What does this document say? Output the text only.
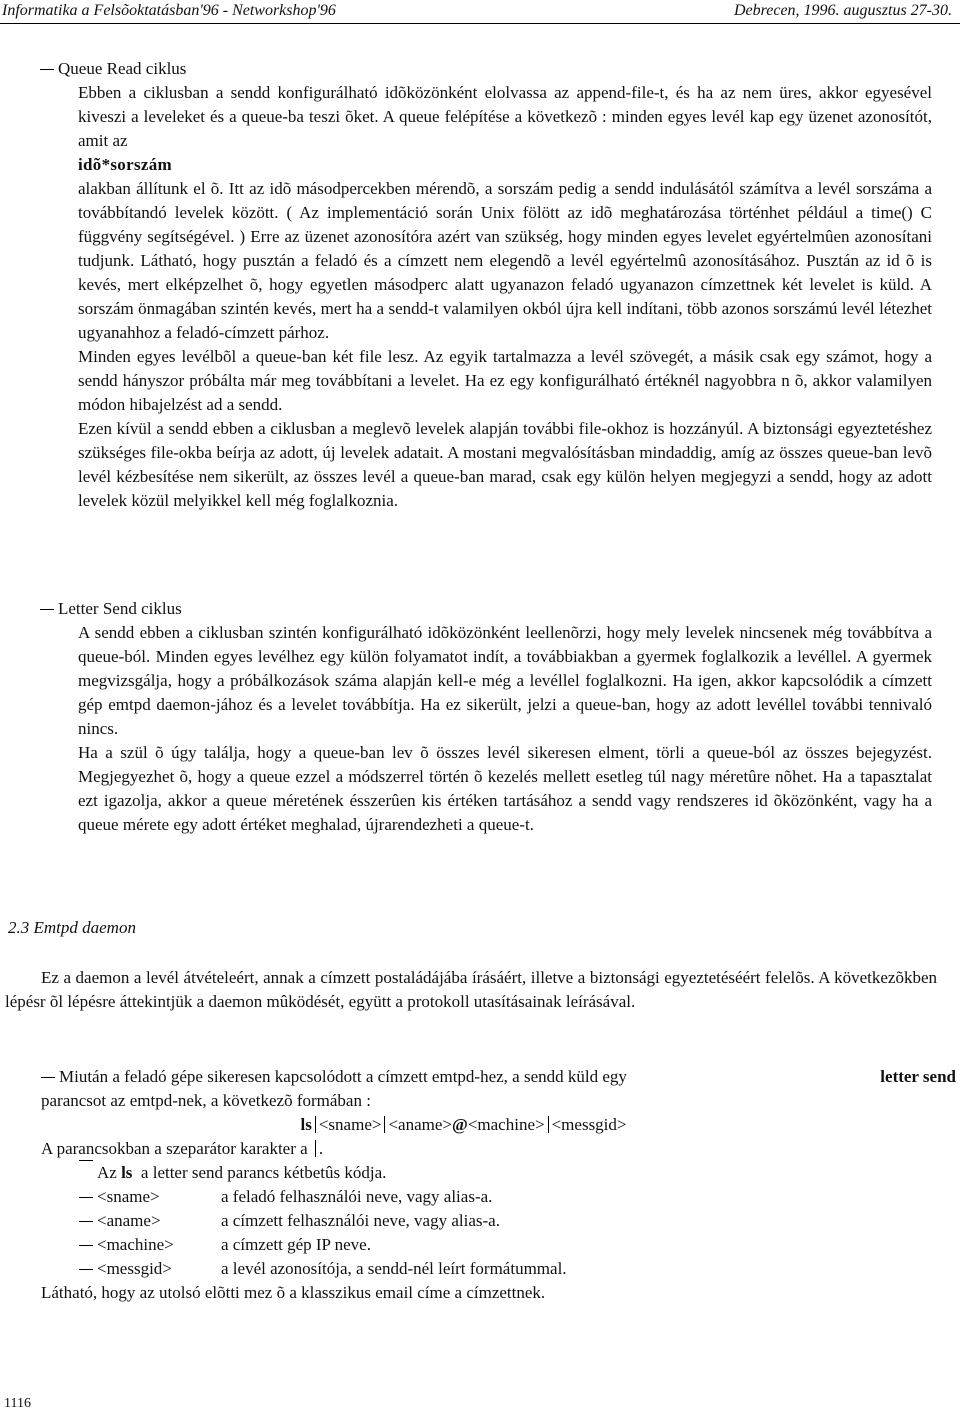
Informatika a Felsõoktatásban'96 - Networkshop'96	Debrecen, 1996. augusztus 27-30.
Queue Read ciklus

Ebben a ciklusban a sendd konfigurálható idõközönként elolvassa az append-file-t, és ha az nem üres, akkor egyesével kiveszi a leveleket és a queue-ba teszi õket. A queue felépítése a következõ : minden egyes levél kap egy üzenet azonosítót, amit az

idõ*sorszám

alakban állítunk el õ. Itt az idõ másodpercekben mérendõ, a sorszám pedig a sendd indulásától számítva a levél sorszáma a továbbítandó levelek között. ( Az implementáció során Unix fölött az idõ meghatározása történhet például a time() C függvény segítségével. ) Erre az üzenet azonosítóra azért van szükség, hogy minden egyes levelet egyértelmûen azonosítani tudjunk. Látható, hogy pusztán a feladó és a címzett nem elegendõ a levél egyértelmû azonosításához. Pusztán az id õ is kevés, mert elképzelhet õ, hogy egyetlen másodperc alatt ugyanazon feladó ugyanazon címzettnek két levelet is küld. A sorszám önmagában szintén kevés, mert ha a sendd-t valamilyen okból újra kell indítani, több azonos sorszámú levél létezhet ugyanahhoz a feladó-címzett párhoz.

Minden egyes levélbõl a queue-ban két file lesz. Az egyik tartalmazza a levél szövegét, a másik csak egy számot, hogy a sendd hányszor próbálta már meg továbbítani a levelet. Ha ez egy konfigurálható értéknél nagyobbra n õ, akkor valamilyen módon hibajelzést ad a sendd.

Ezen kívül a sendd ebben a ciklusban a meglevõ levelek alapján további file-okhoz is hozzányúl. A biztonsági egyeztetéshez szükséges file-okba beírja az adott, új levelek adatait. A mostani megvalósításban mindaddig, amíg az összes queue-ban levõ levél kézbesítése nem sikerült, az összes levél a queue-ban marad, csak egy külön helyen megjegyzi a sendd, hogy az adott levelek közül melyikkel kell még foglalkoznia.

Letter Send ciklus

A sendd ebben a ciklusban szintén konfigurálható idõközönként leellenõrzi, hogy mely levelek nincsenek még továbbítva a queue-ból. Minden egyes levélhez egy külön folyamatot indít, a továbbiakban a gyermek foglalkozik a levéllel. A gyermek megvizsgálja, hogy a próbálkozások száma alapján kell-e még a levéllel foglalkozni. Ha igen, akkor kapcsolódik a címzett gép emtpd daemon-jához és a levelet továbbítja. Ha ez sikerült, jelzi a queue-ban, hogy az adott levéllel további tennivaló nincs.

Ha a szül õ úgy találja, hogy a queue-ban lev õ összes levél sikeresen elment, törli a queue-ból az összes bejegyzést. Megjegyezhet õ, hogy a queue ezzel a módszerrel történ õ kezelés mellett esetleg túl nagy méretûre nõhet. Ha a tapasztalat ezt igazolja, akkor a queue méretének ésszerûen kis értéken tartásához a sendd vagy rendszeres id õközönként, vagy ha a queue mérete egy adott értéket meghalad, újrarendezheti a queue-t.

2.3 Emtpd daemon

Ez a daemon a levél átvételeért, annak a címzett postaládájába írásáért, illetve a biztonsági egyeztetéséért felelõs. A következõkben lépésr õl lépésre áttekintjük a daemon mûködését, együtt a protokoll utasításainak leírásával.

Miután a feladó gépe sikeresen kapcsolódott a címzett emtpd-hez, a sendd küld egy	letter send

parancsot az emtpd-nek, a következõ formában :

ls <sname> <aname>@<machine> <messgid>

A parancsokban a szeparátor karakter a .

Az
ls
a letter send parancs kétbetûs kódja.
<sname>	a feladó felhasználói neve, vagy alias-a.
<aname>	a címzett felhasználói neve, vagy alias-a.
<machine>	a címzett gép IP neve.
<messgid>	a levél azonosítója, a sendd-nél leírt formátummal.

Látható, hogy az utolsó elõtti mez õ a klasszikus email címe a címzettnek.

1116
